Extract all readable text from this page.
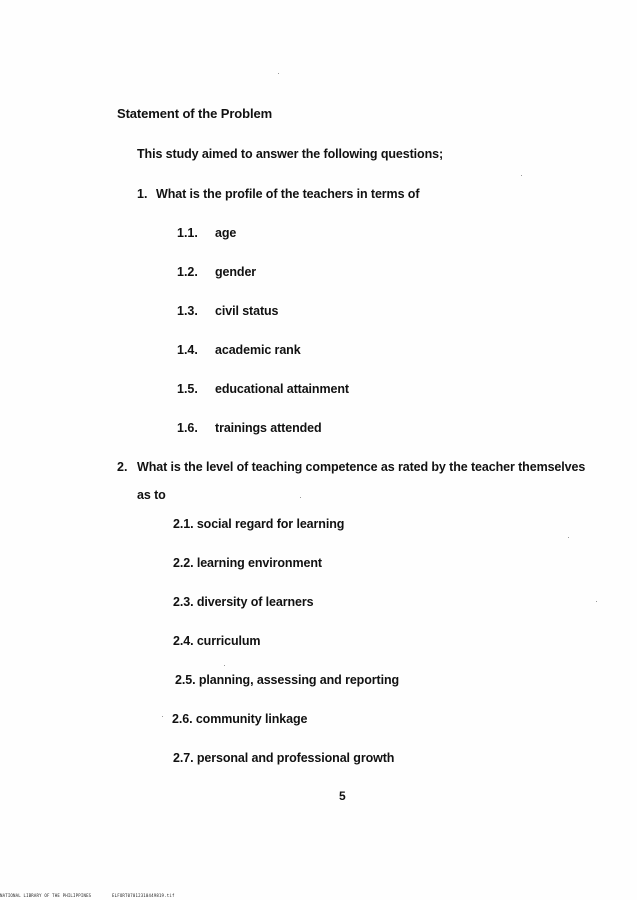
Statement of the Problem
This study aimed to answer the following questions;
1. What is the profile of the teachers in terms of
1.1. age
1.2. gender
1.3. civil status
1.4. academic rank
1.5. educational attainment
1.6. trainings attended
2. What is the level of teaching competence as rated by the teacher themselves
as to
2.1. social regard for learning
2.2. learning environment
2.3. diversity of learners
2.4. curriculum
2.5. planning, assessing and reporting
2.6. community linkage
2.7. personal and professional growth
5
NATIONAL LIBRARY OF THE PHILIPPINES	ELFORT07012310449819.tif
